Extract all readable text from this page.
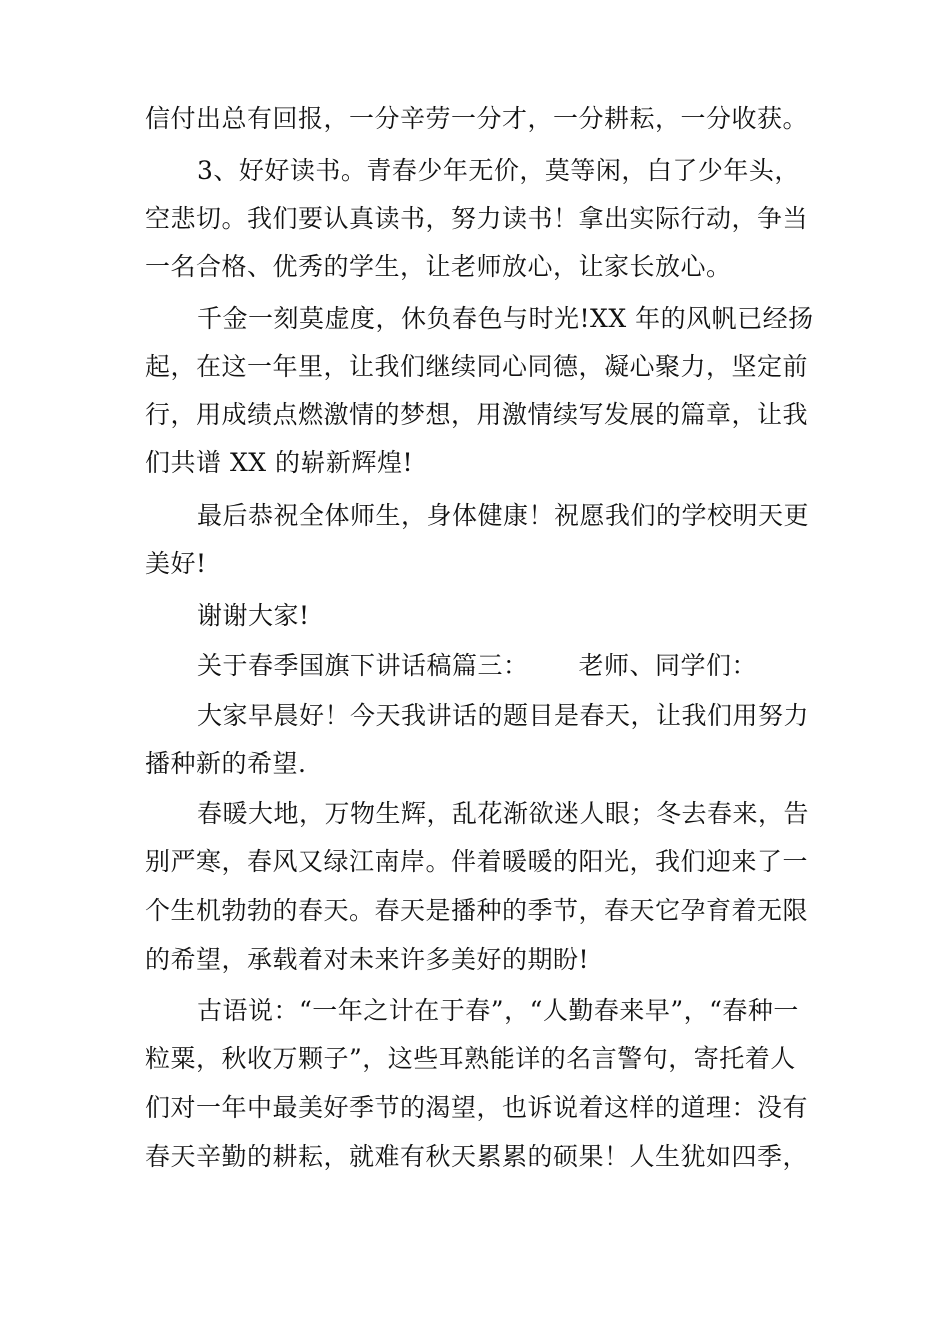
信付出总有回报，一分辛劳一分才，一分耕耘，一分收获。
3、好好读书。青春少年无价，莫等闲，白了少年头，
空悲切。我们要认真读书，努力读书！拿出实际行动，争当
一名合格、优秀的学生，让老师放心，让家长放心。
千金一刻莫虚度，休负春色与时光!XX 年的风帆已经扬
起，在这一年里，让我们继续同心同德，凝心聚力，坚定前
行，用成绩点燃激情的梦想，用激情续写发展的篇章，让我
们共谱 XX 的崭新辉煌!
最后恭祝全体师生，身体健康！祝愿我们的学校明天更
美好!
谢谢大家!
关于春季国旗下讲话稿篇三： 老师、同学们：
大家早晨好！今天我讲话的题目是春天，让我们用努力
播种新的希望.
春暖大地，万物生辉，乱花渐欲迷人眼；冬去春来，告
别严寒，春风又绿江南岸。伴着暖暖的阳光，我们迎来了一
个生机勃勃的春天。春天是播种的季节，春天它孕育着无限
的希望，承载着对未来许多美好的期盼!
古语说：“一年之计在于春”，“人勤春来早”，“春种一
粒粟，秋收万颗子”，这些耳熟能详的名言警句，寄托着人
们对一年中最美好季节的渴望，也诉说着这样的道理：没有
春天辛勤的耕耘，就难有秋天累累的硕果！人生犹如四季，
